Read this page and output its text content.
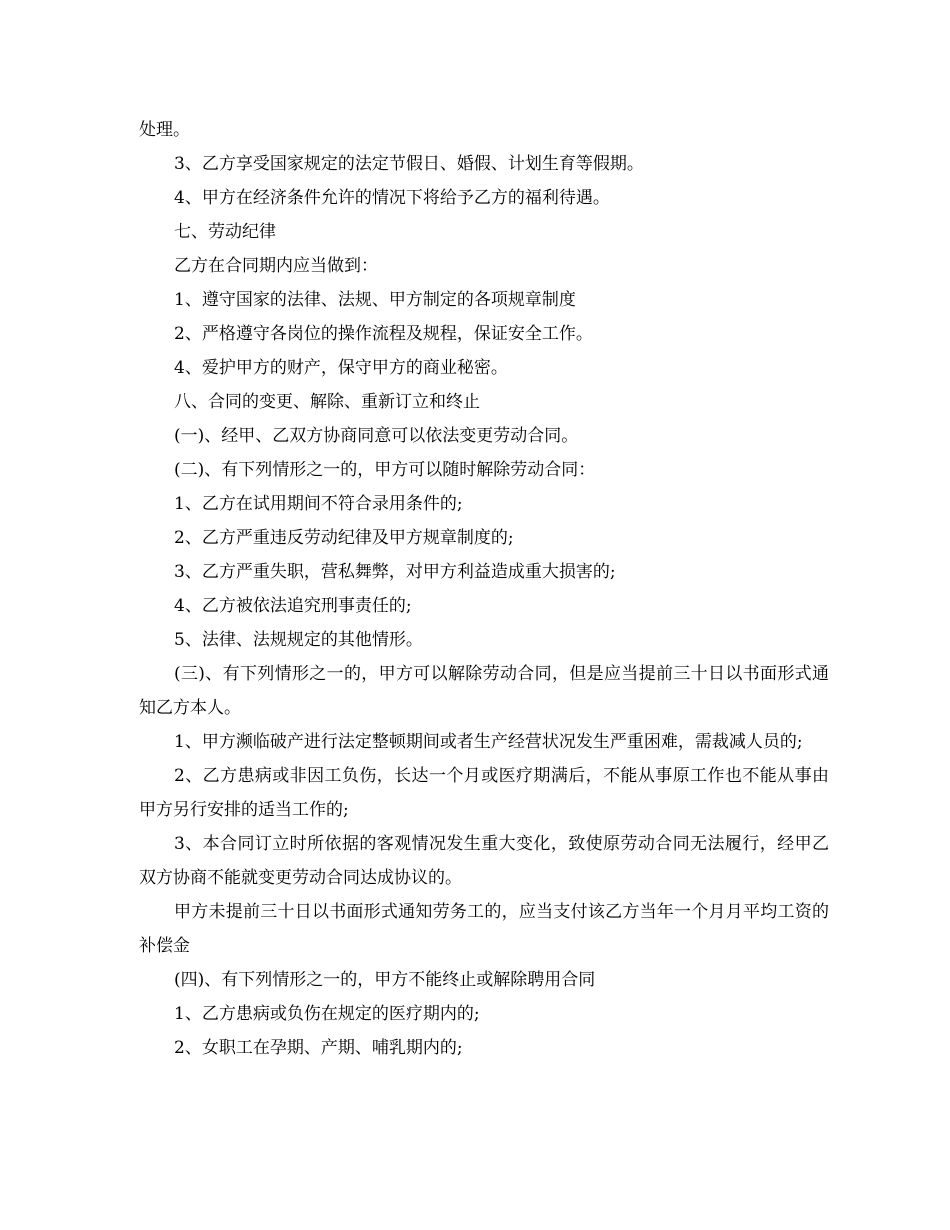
处理。

3、乙方享受国家规定的法定节假日、婚假、计划生育等假期。

4、甲方在经济条件允许的情况下将给予乙方的福利待遇。

七、劳动纪律

乙方在合同期内应当做到：

1、遵守国家的法律、法规、甲方制定的各项规章制度

2、严格遵守各岗位的操作流程及规程，保证安全工作。

4、爱护甲方的财产，保守甲方的商业秘密。

八、合同的变更、解除、重新订立和终止

(一)、经甲、乙双方协商同意可以依法变更劳动合同。

(二)、有下列情形之一的，甲方可以随时解除劳动合同：

1、乙方在试用期间不符合录用条件的;

2、乙方严重违反劳动纪律及甲方规章制度的;

3、乙方严重失职，营私舞弊，对甲方利益造成重大损害的;

4、乙方被依法追究刑事责任的;

5、法律、法规规定的其他情形。

(三)、有下列情形之一的，甲方可以解除劳动合同，但是应当提前三十日以书面形式通知乙方本人。

1、甲方濒临破产进行法定整顿期间或者生产经营状况发生严重困难，需裁减人员的;

2、乙方患病或非因工负伤，长达一个月或医疗期满后，不能从事原工作也不能从事由甲方另行安排的适当工作的;

3、本合同订立时所依据的客观情况发生重大变化，致使原劳动合同无法履行，经甲乙双方协商不能就变更劳动合同达成协议的。

甲方未提前三十日以书面形式通知劳务工的，应当支付该乙方当年一个月月平均工资的补偿金

(四)、有下列情形之一的，甲方不能终止或解除聘用合同

1、乙方患病或负伤在规定的医疗期内的;

2、女职工在孕期、产期、哺乳期内的;
